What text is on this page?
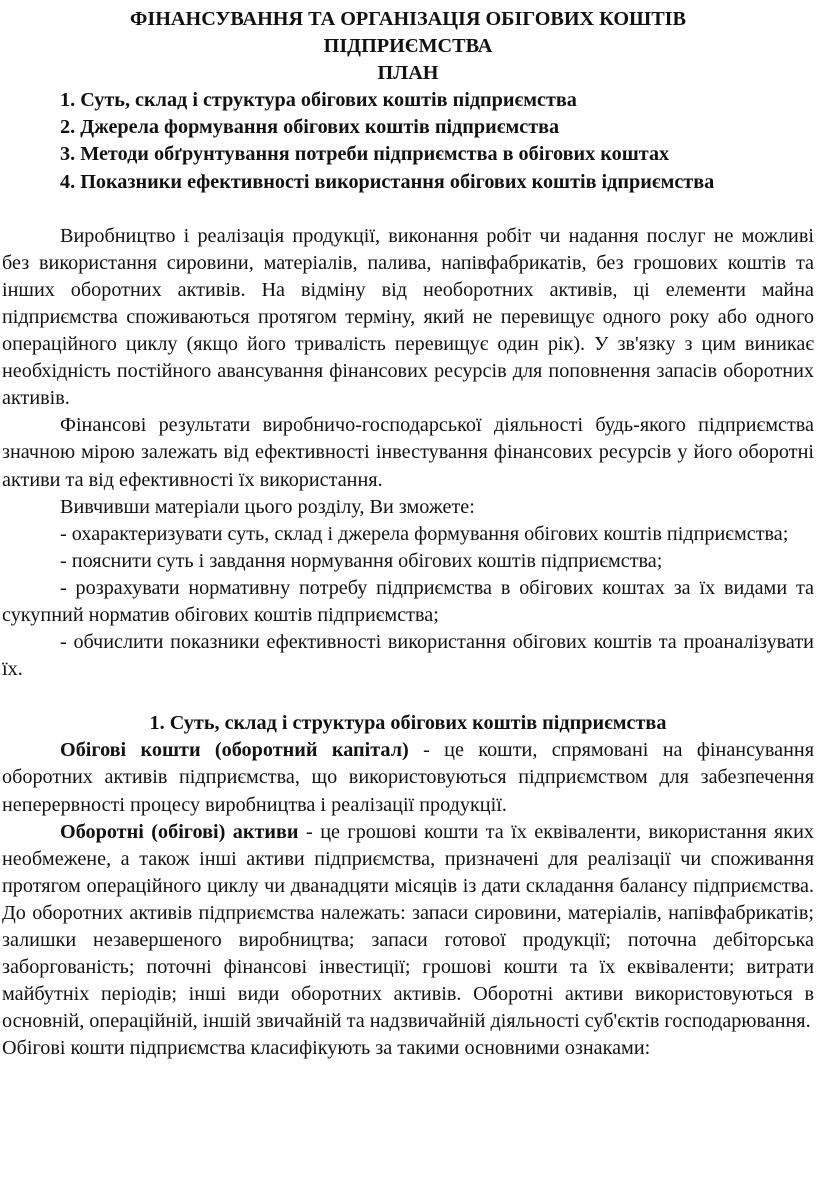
ФІНАНСУВАННЯ ТА ОРГАНІЗАЦІЯ ОБІГОВИХ КОШТІВ
ПІДПРИЄМСТВА
ПЛАН
1. Суть, склад і структура обігових коштів підприємства
2. Джерела формування обігових коштів підприємства
3. Методи обґрунтування потреби підприємства в обігових коштах
4. Показники ефективності використання обігових коштів ідприємства

Виробництво і реалізація продукції, виконання робіт чи надання послуг не можливі без використання сировини, матеріалів, палива, напівфабрикатів, без грошових коштів та інших оборотних активів. На відміну від необоротних активів, ці елементи майна підприємства споживаються протягом терміну, який не перевищує одного року або одного операційного циклу (якщо його тривалість перевищує один рік). У зв'язку з цим виникає необхідність постійного авансування фінансових ресурсів для поповнення запасів оборотних активів.

Фінансові результати виробничо-господарської діяльності будь-якого підприємства значною мірою залежать від ефективності інвестування фінансових ресурсів у його оборотні активи та від ефективності їх використання.

Вивчивши матеріали цього розділу, Ви зможете:

- охарактеризувати суть, склад і джерела формування обігових коштів підприємства;

- пояснити суть і завдання нормування обігових коштів підприємства;

- розрахувати нормативну потребу підприємства в обігових коштах за їх видами та сукупний норматив обігових коштів підприємства;

- обчислити показники ефективності використання обігових коштів та проаналізувати їх.

1. Суть, склад і структура обігових коштів підприємства

Обігові кошти (оборотний капітал) - це кошти, спрямовані на фінансування оборотних активів підприємства, що використовуються підприємством для забезпечення неперервності процесу виробництва і реалізації продукції.

Оборотні (обігові) активи - це грошові кошти та їх еквіваленти, використання яких необмежене, а також інші активи підприємства, призначені для реалізації чи споживання протягом операційного циклу чи дванадцяти місяців із дати складання балансу підприємства. До оборотних активів підприємства належать: запаси сировини, матеріалів, напівфабрикатів; залишки незавершеного виробництва; запаси готової продукції; поточна дебіторська заборгованість; поточні фінансові інвестиції; грошові кошти та їх еквіваленти; витрати майбутніх періодів; інші види оборотних активів. Оборотні активи використовуються в основній, операційній, іншій звичайній та надзвичайній діяльності суб'єктів господарювання.

Обігові кошти підприємства класифікують за такими основними ознаками:
